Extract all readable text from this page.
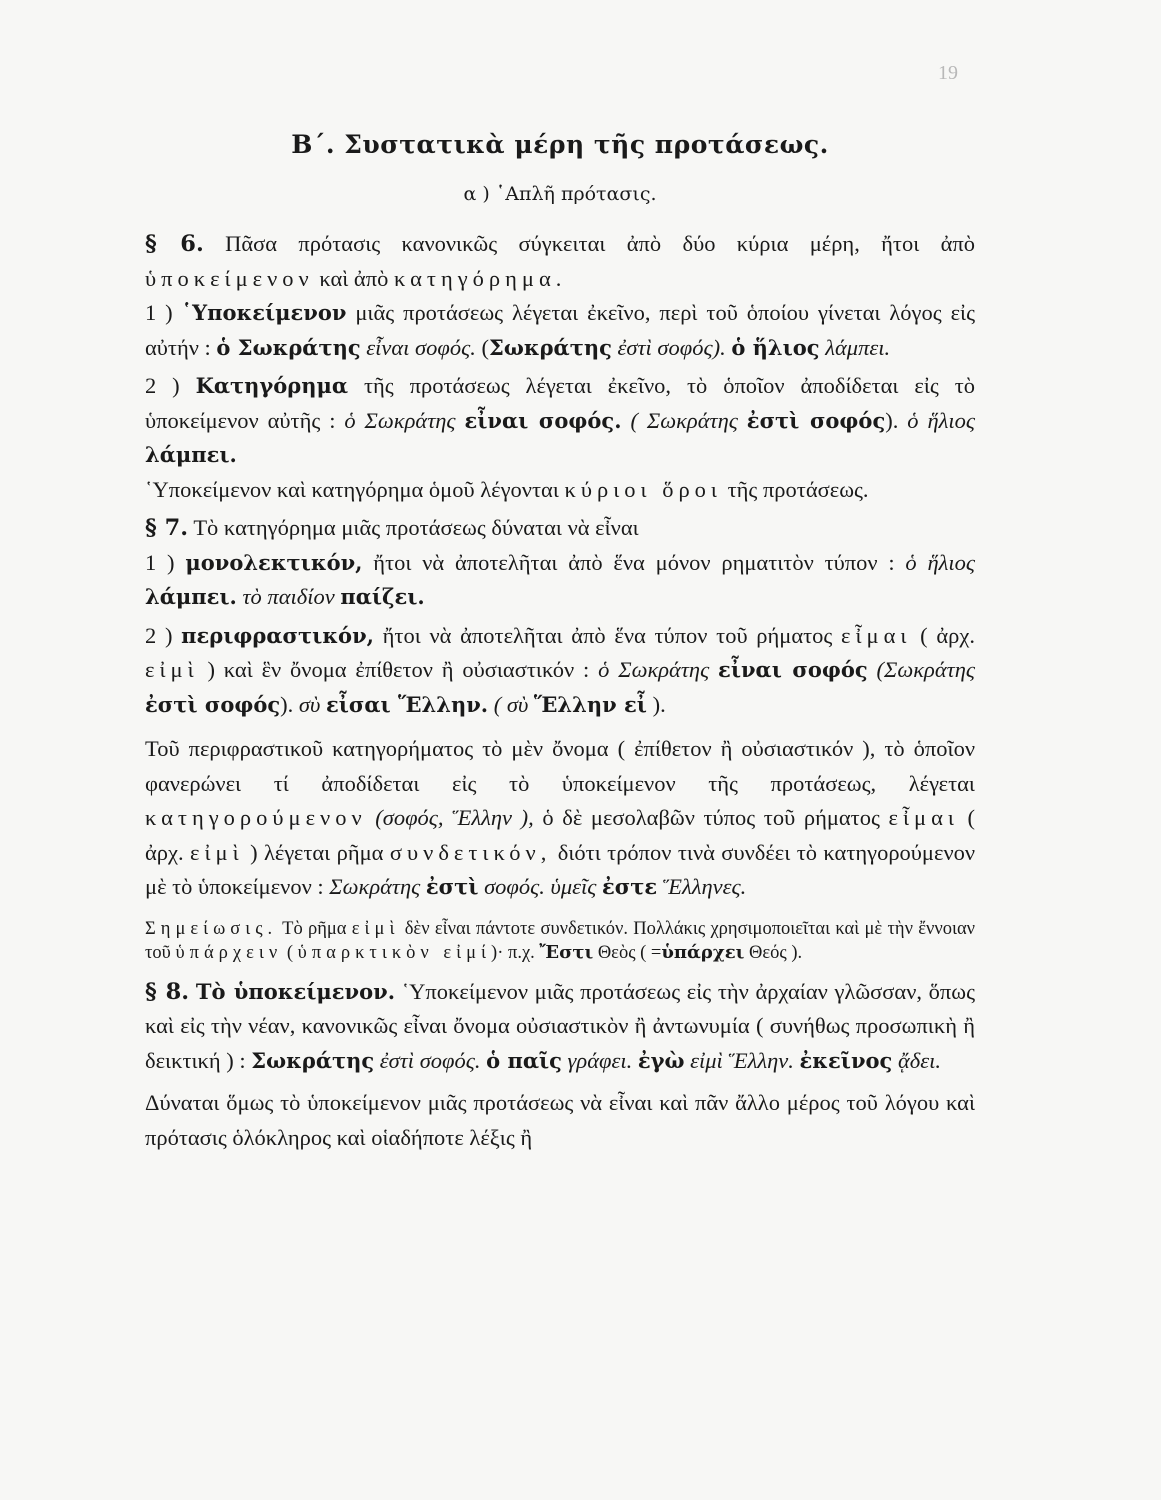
19
Β΄. Συστατικὰ μέρη τῆς προτάσεως.
α ) ῾Απλῆ πρότασις.

§ 6. Πᾶσα πρότασις κανονικῶς σύγκειται ἀπὸ δύο κύρια μέρη, ἤτοι ἀπὸ ὑποκείμενον καὶ ἀπὸ κατηγόρημα.

1 ) ῾Υποκείμενον μιᾶς προτάσεως λέγεται ἐκεῖνο, περὶ τοῦ ὁποίου γίνεται λόγος εἰς αὐτήν : ὁ Σωκράτης εἶναι σοφός. (Σωκράτης ἐστὶ σοφός). ὁ ἥλιος λάμπει.

2 ) Κατηγόρημα τῆς προτάσεως λέγεται ἐκεῖνο, τὸ ὁποῖον ἀποδίδεται εἰς τὸ ὑποκείμενον αὐτῆς : ὁ Σωκράτης εἶναι σοφός. ( Σωκράτης ἐστὶ σοφός). ὁ ἥλιος λάμπει.

῾Υποκείμενον καὶ κατηγόρημα ὁμοῦ λέγονται κύριοι ὅροι τῆς προτάσεως.

§ 7. Τὸ κατηγόρημα μιᾶς προτάσεως δύναται νὰ εἶναι

1 ) μονολεκτικόν, ἤτοι νὰ ἀποτελῆται ἀπὸ ἕνα μόνον ρηματιτὸν τύπον : ὁ ἥλιος λάμπει. τὸ παιδίον παίζει.

2 ) περιφραστικόν, ἤτοι νὰ ἀποτελῆται ἀπὸ ἕνα τύπον τοῦ ρήματος εἶμαι ( ἀρχ. εἰμὶ ) καὶ ἓν ὄνομα ἐπίθετον ἢ οὐσιαστικόν : ὁ Σωκράτης εἶναι σοφός (Σωκράτης ἐστὶ σοφός). σὺ εἶσαι Ἕλλην. ( σὺ Ἕλλην εἶ ).

Τοῦ περιφραστικοῦ κατηγορήματος τὸ μὲν ὄνομα ( ἐπίθετον ἢ οὐσιαστικόν ), τὸ ὁποῖον φανερώνει τί ἀποδίδεται εἰς τὸ ὑποκείμενον τῆς προτάσεως, λέγεται κατηγορούμενον (σοφός, Ἕλλην ), ὁ δὲ μεσολαβῶν τύπος τοῦ ρήματος εἶμαι ( ἀρχ. εἰμὶ ) λέγεται ρῆμα συνδετικόν, διότι τρόπον τινὰ συνδέει τὸ κατηγορούμενον μὲ τὸ ὑποκείμενον : Σωκράτης ἐστὶ σοφός. ὑμεῖς ἐστε Ἕλληνες.

Σημείωσις. Τὸ ρῆμα εἰμὶ δὲν εἶναι πάντοτε συνδετικόν. Πολλάκις χρησιμοποιεῖται καὶ μὲ τὴν ἔννοιαν τοῦ ὑπάρχειν ( ὑπαρκτικὸν εἰμί)· π.χ. Ἔστι Θεὸς ( =ὑπάρχει Θεός ).

§ 8. Τὸ ὑποκείμενον. ῾Υποκείμενον μιᾶς προτάσεως εἰς τὴν ἀρχαίαν γλῶσσαν, ὅπως καὶ εἰς τὴν νέαν, κανονικῶς εἶναι ὄνομα οὐσιαστικὸν ἢ ἀντωνυμία ( συνήθως προσωπικὴ ἢ δεικτική ) : Σωκράτης ἐστὶ σοφός. ὁ παῖς γράφει. ἐγὼ εἰμὶ Ἕλλην. ἐκεῖνος ᾄδει.

Δύναται ὅμως τὸ ὑποκείμενον μιᾶς προτάσεως νὰ εἶναι καὶ πᾶν ἄλλο μέρος τοῦ λόγου καὶ πρότασις ὁλόκληρος καὶ οἱαδήποτε λέξις ἢ
